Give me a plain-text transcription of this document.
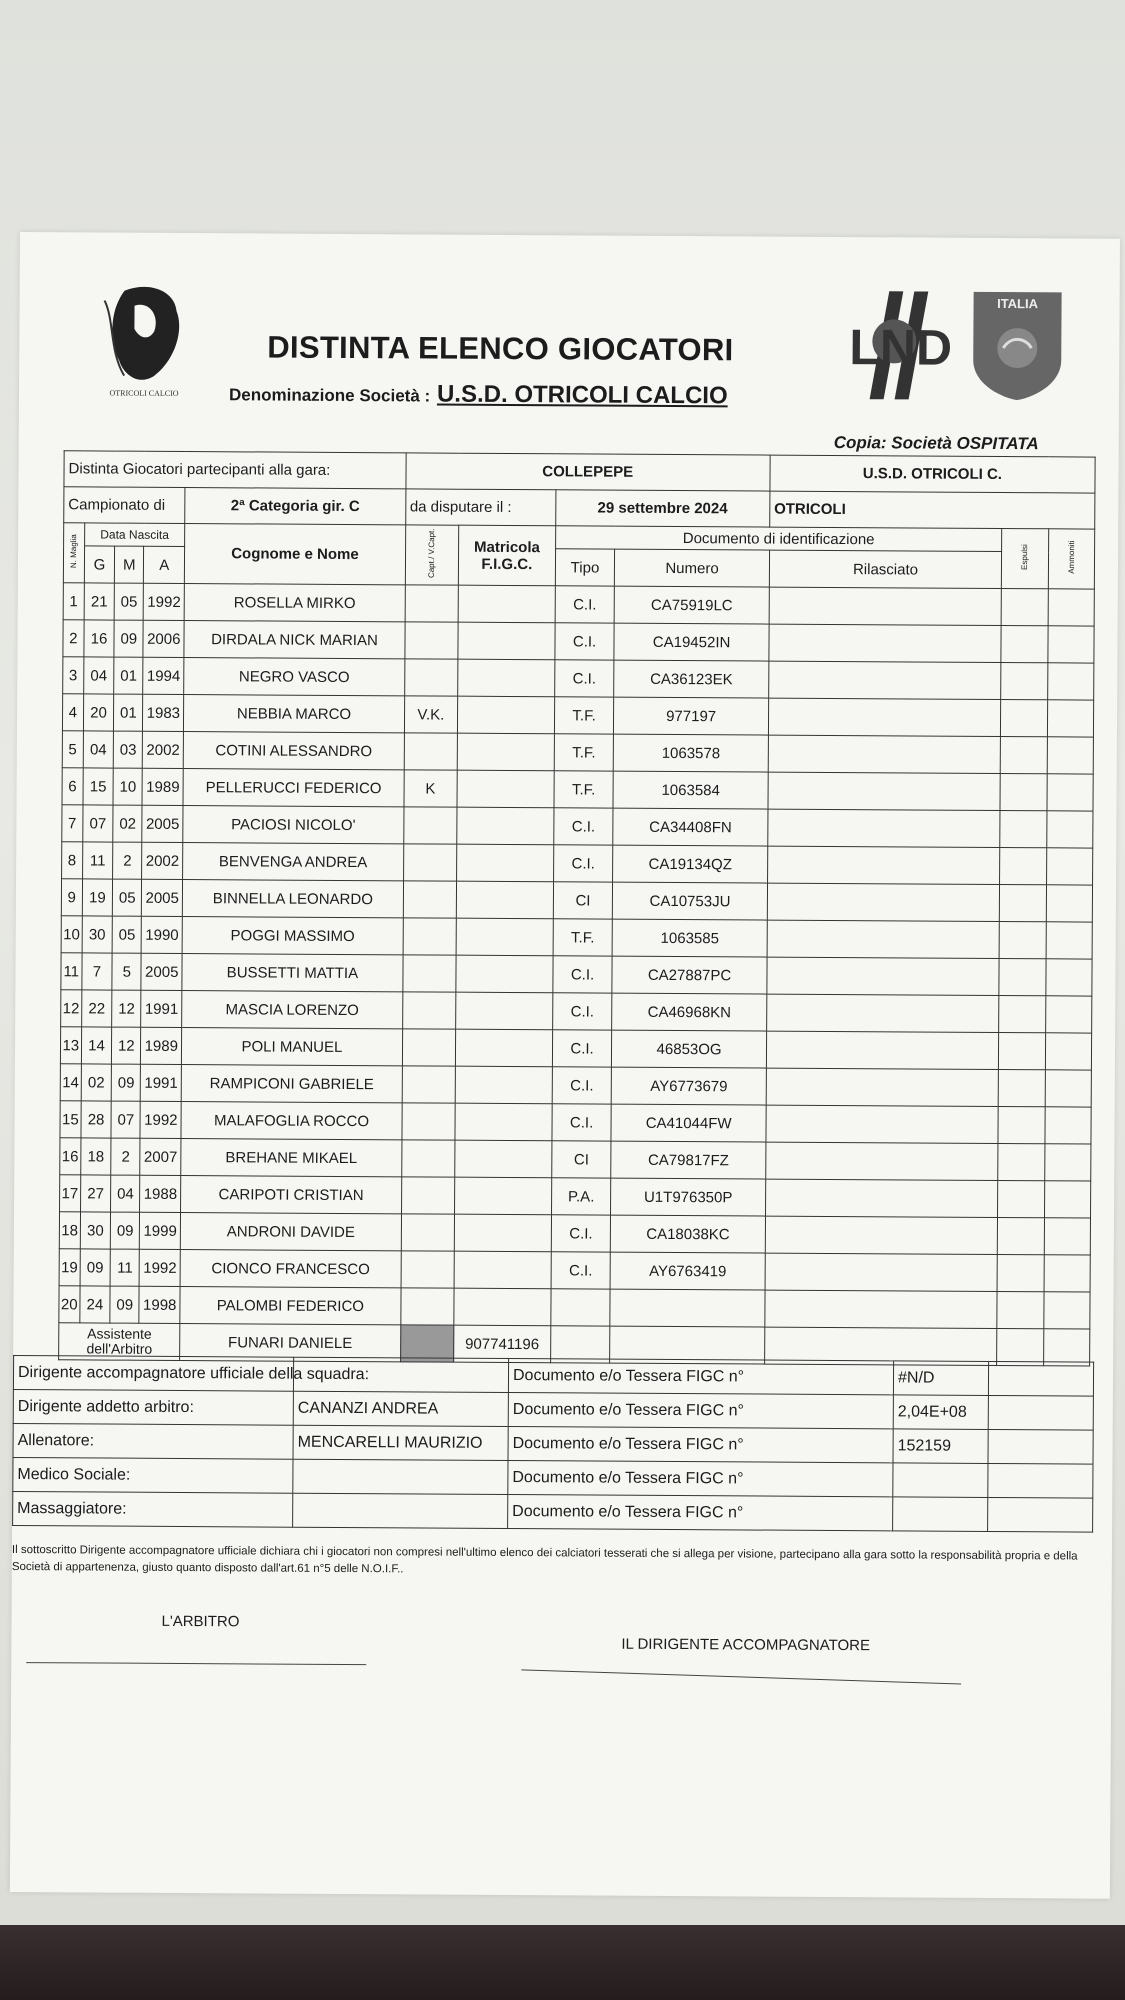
OTRICOLI CALCIO
DISTINTA ELENCO GIOCATORI
Denominazione Società : U.S.D. OTRICOLI CALCIO
LND
ITALIA
Copia: Società OSPITATA
Distinta Giocatori partecipanti alla gara:					COLLEPEPE				U.S.D. OTRICOLI C.		
Campionato di				2ª Categoria gir. C	da disputare il :		29 settembre 2024		OTRICOLI		
N. Maglia	Data Nascita			Cognome e Nome	Capt./ V.Capt.	Matricola
F.I.G.C.	Documento di identificazione			Espulsi	Ammoniti
	G	M	A				Tipo	Numero	Rilasciato		
1	21	05	1992	ROSELLA MIRKO			C.I.	CA75919LC			
2	16	09	2006	DIRDALA NICK MARIAN			C.I.	CA19452IN			
3	04	01	1994	NEGRO VASCO			C.I.	CA36123EK			
4	20	01	1983	NEBBIA MARCO	V.K.		T.F.	977197			
5	04	03	2002	COTINI ALESSANDRO			T.F.	1063578			
6	15	10	1989	PELLERUCCI FEDERICO	K		T.F.	1063584			
7	07	02	2005	PACIOSI NICOLO'			C.I.	CA34408FN			
8	11	2	2002	BENVENGA ANDREA			C.I.	CA19134QZ			
9	19	05	2005	BINNELLA LEONARDO			CI	CA10753JU			
10	30	05	1990	POGGI MASSIMO			T.F.	1063585			
11	7	5	2005	BUSSETTI MATTIA			C.I.	CA27887PC			
12	22	12	1991	MASCIA LORENZO			C.I.	CA46968KN			
13	14	12	1989	POLI MANUEL			C.I.	46853OG			
14	02	09	1991	RAMPICONI GABRIELE			C.I.	AY6773679			
15	28	07	1992	MALAFOGLIA ROCCO			C.I.	CA41044FW			
16	18	2	2007	BREHANE MIKAEL			CI	CA79817FZ			
17	27	04	1988	CARIPOTI CRISTIAN			P.A.	U1T976350P			
18	30	09	1999	ANDRONI DAVIDE			C.I.	CA18038KC			
19	09	11	1992	CIONCO FRANCESCO			C.I.	AY6763419			
20	24	09	1998	PALOMBI FEDERICO							

Assistente
dell'Arbitro				FUNARI DANIELE		907741196					
Dirigente accompagnatore ufficiale della squadra:		Documento e/o Tessera FIGC n°	#N/D	
Dirigente addetto arbitro:	CANANZI ANDREA	Documento e/o Tessera FIGC n°	2,04E+08	
Allenatore:	MENCARELLI MAURIZIO	Documento e/o Tessera FIGC n°	152159	
Medico Sociale:		Documento e/o Tessera FIGC n°		
Massaggiatore:		Documento e/o Tessera FIGC n°		
Il sottoscritto Dirigente accompagnatore ufficiale dichiara chi i giocatori non compresi nell'ultimo elenco dei calciatori tesserati che si allega per visione, partecipano alla gara sotto la responsabilità propria e della Società di appartenenza, giusto quanto disposto dall'art.61 n°5 delle N.O.I.F..
L'ARBITRO
IL DIRIGENTE ACCOMPAGNATORE
